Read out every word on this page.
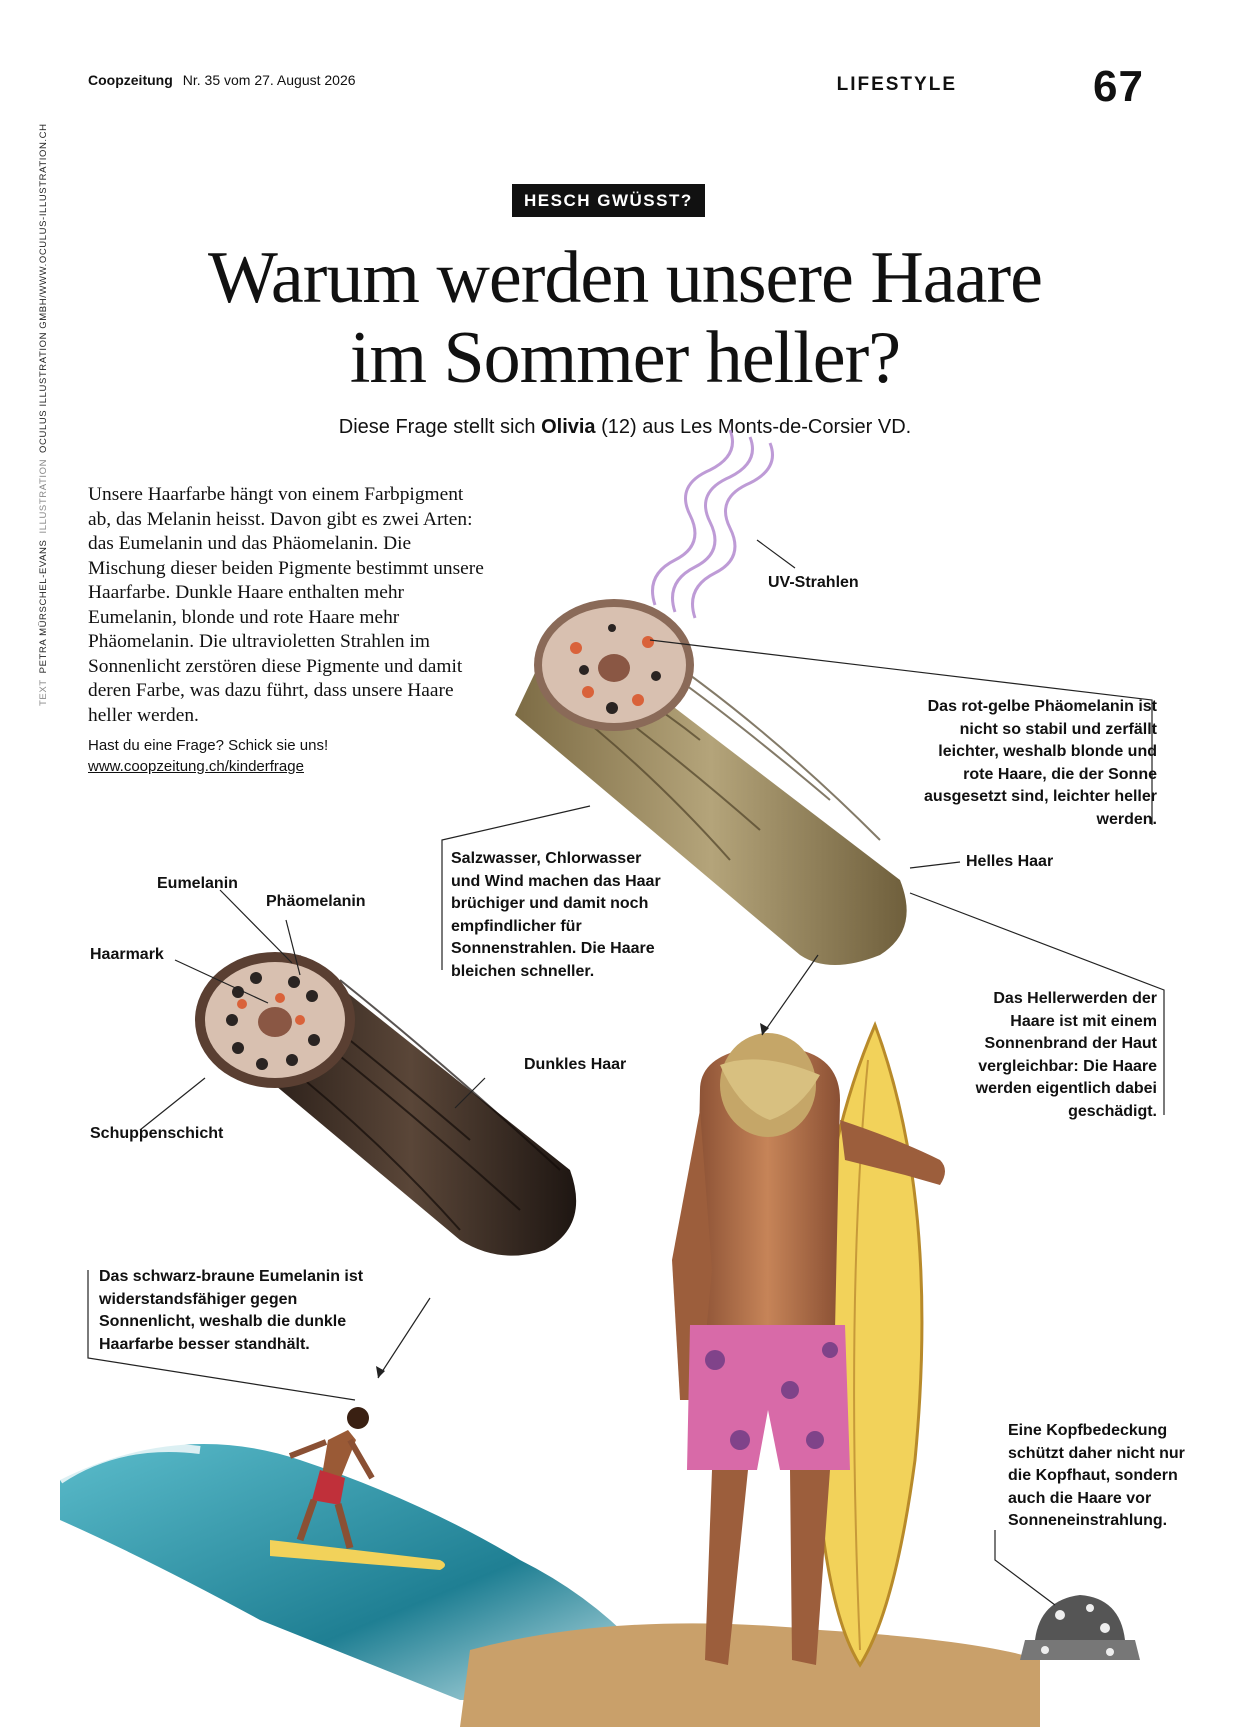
Coopzeitung Nr. 35 vom 27. August 2026	LIFESTYLE	67
TEXTPETRA MÜRSCHEL-EVANSILLUSTRATIONOCULUS ILLUSTRATION GMBH/WWW.OCULUS-ILLUSTRATION.CH	HESCH GWÜSST?
Warum werden unsere Haare
im Sommer heller?
Diese Frage stellt sich Olivia (12) aus Les Monts-de-Corsier VD.
Unsere Haarfarbe hängt von einem Farbpigment ab, das Melanin heisst. Davon gibt es zwei Arten: das Eumelanin und das Phäomelanin. Die Mischung dieser beiden Pigmente bestimmt unsere Haarfarbe. Dunkle Haare enthalten mehr Eumelanin, blonde und rote Haare mehr Phäomelanin. Die ultravioletten Strahlen im Sonnenlicht zerstören diese Pigmente und damit deren Farbe, was dazu führt, dass unsere Haare heller werden.
Hast du eine Frage? Schick sie uns!
www.coopzeitung.ch/kinderfrage
UV-Strahlen
Helles Haar
Dunkles Haar
Eumelanin
Phäomelanin
Haarmark
Schuppenschicht
Das rot-gelbe Phäomelanin ist nicht so stabil und zerfällt leichter, weshalb blonde und rote Haare, die der Sonne ausgesetzt sind, leichter heller werden.
Salzwasser, Chlorwasser und Wind machen das Haar brüchiger und damit noch empfindlicher für Sonnenstrahlen. Die Haare bleichen schneller.
Das Hellerwerden der Haare ist mit einem Sonnenbrand der Haut vergleichbar: Die Haare werden eigentlich dabei geschädigt.
Das schwarz-braune Eumelanin ist widerstandsfähiger gegen Sonnenlicht, weshalb die dunkle Haarfarbe besser standhält.
Eine Kopfbedeckung schützt daher nicht nur die Kopfhaut, sondern auch die Haare vor Sonneneinstrahlung.
